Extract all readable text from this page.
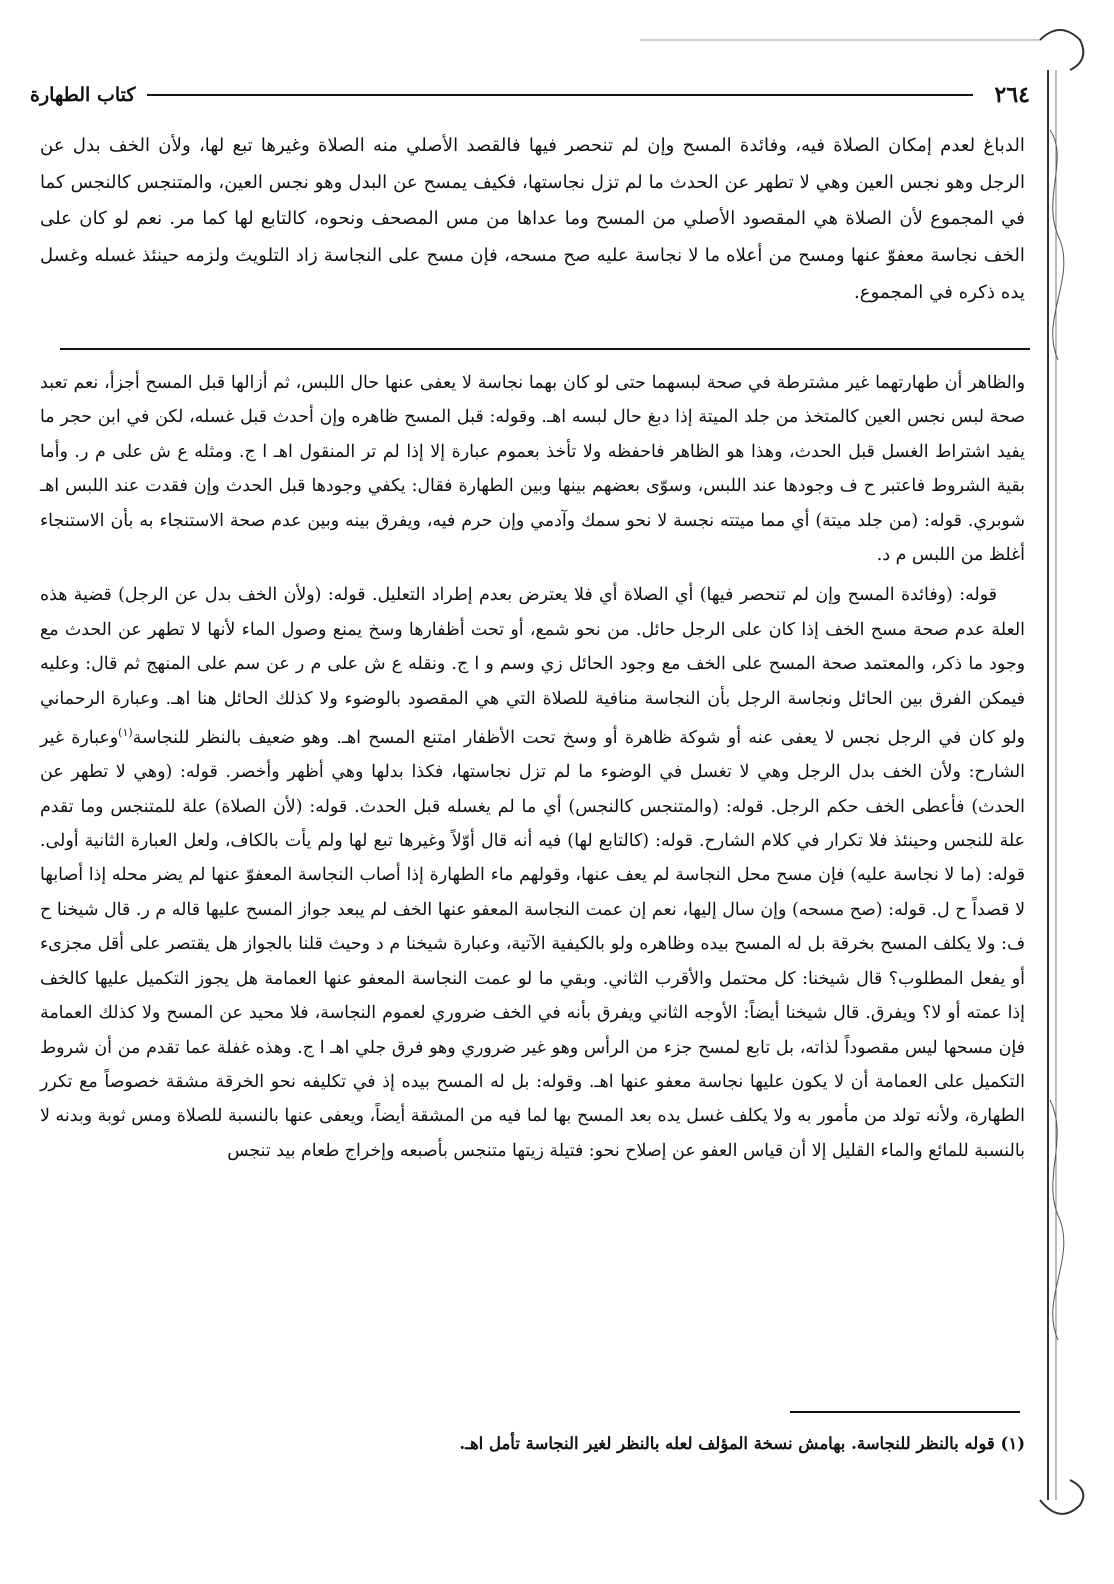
٢٦٤
كتاب الطهارة

الدباغ لعدم إمكان الصلاة فيه، وفائدة المسح وإن لم تنحصر فيها فالقصد الأصلي منه الصلاة وغيرها تبع لها، ولأن الخف بدل عن الرجل وهو نجس العين وهي لا تطهر عن الحدث ما لم تزل نجاستها، فكيف يمسح عن البدل وهو نجس العين، والمتنجس كالنجس كما في المجموع لأن الصلاة هي المقصود الأصلي من المسح وما عداها من مس المصحف ونحوه، كالتابع لها كما مر. نعم لو كان على الخف نجاسة معفوّ عنها ومسح من أعلاه ما لا نجاسة عليه صح مسحه، فإن مسح على النجاسة زاد التلويث ولزمه حينئذ غسله وغسل يده ذكره في المجموع.

والظاهر أن طهارتهما غير مشترطة في صحة لبسهما حتى لو كان بهما نجاسة لا يعفى عنها حال اللبس، ثم أزالها قبل المسح أجزأ، نعم تعبد صحة لبس نجس العين كالمتخذ من جلد الميتة إذا دبغ حال لبسه اهـ. وقوله: قبل المسح ظاهره وإن أحدث قبل غسله، لكن في ابن حجر ما يفيد اشتراط الغسل قبل الحدث، وهذا هو الظاهر فاحفظه ولا تأخذ بعموم عبارة إلا إذا لم تر المنقول اهـ ا ج. ومثله ع ش على م ر. وأما بقية الشروط فاعتبر ح ف وجودها عند اللبس، وسوّى بعضهم بينها وبين الطهارة فقال: يكفي وجودها قبل الحدث وإن فقدت عند اللبس اهـ شوبري. قوله: (من جلد ميتة) أي مما ميتته نجسة لا نحو سمك وآدمي وإن حرم فيه، ويفرق بينه وبين عدم صحة الاستنجاء به بأن الاستنجاء أغلظ من اللبس م د.

قوله: (وفائدة المسح وإن لم تنحصر فيها) أي الصلاة أي فلا يعترض بعدم إطراد التعليل. قوله: (ولأن الخف بدل عن الرجل) قضية هذه العلة عدم صحة مسح الخف إذا كان على الرجل حائل. من نحو شمع، أو تحت أظفارها وسخ يمنع وصول الماء لأنها لا تطهر عن الحدث مع وجود ما ذكر، والمعتمد صحة المسح على الخف مع وجود الحائل زي وسم و ا ج. ونقله ع ش على م ر عن سم على المنهج ثم قال: وعليه فيمكن الفرق بين الحائل ونجاسة الرجل بأن النجاسة منافية للصلاة التي هي المقصود بالوضوء ولا كذلك الحائل هنا اهـ. وعبارة الرحماني ولو كان في الرجل نجس لا يعفى عنه أو شوكة ظاهرة أو وسخ تحت الأظفار امتنع المسح اهـ. وهو ضعيف بالنظر للنجاسة$^{(١)}$وعبارة غير الشارح: ولأن الخف بدل الرجل وهي لا تغسل في الوضوء ما لم تزل نجاستها، فكذا بدلها وهي أظهر وأخصر. قوله: (وهي لا تطهر عن الحدث) فأعطى الخف حكم الرجل. قوله: (والمتنجس كالنجس) أي ما لم يغسله قبل الحدث. قوله: (لأن الصلاة) علة للمتنجس وما تقدم علة للنجس وحينئذ فلا تكرار في كلام الشارح. قوله: (كالتابع لها) فيه أنه قال أوّلاً وغيرها تبع لها ولم يأت بالكاف، ولعل العبارة الثانية أولى. قوله: (ما لا نجاسة عليه) فإن مسح محل النجاسة لم يعف عنها، وقولهم ماء الطهارة إذا أصاب النجاسة المعفوّ عنها لم يضر محله إذا أصابها لا قصداً ح ل. قوله: (صح مسحه) وإن سال إليها، نعم إن عمت النجاسة المعفو عنها الخف لم يبعد جواز المسح عليها قاله م ر. قال شيخنا ح ف: ولا يكلف المسح بخرقة بل له المسح بيده وظاهره ولو بالكيفية الآتية، وعبارة شيخنا م د وحيث قلنا بالجواز هل يقتصر على أقل مجزىء أو يفعل المطلوب؟ قال شيخنا: كل محتمل والأقرب الثاني. وبقي ما لو عمت النجاسة المعفو عنها العمامة هل يجوز التكميل عليها كالخف إذا عمته أو لا؟ ويفرق. قال شيخنا أيضاً: الأوجه الثاني ويفرق بأنه في الخف ضروري لعموم النجاسة، فلا محيد عن المسح ولا كذلك العمامة فإن مسحها ليس مقصوداً لذاته، بل تابع لمسح جزء من الرأس وهو غير ضروري وهو فرق جلي اهـ ا ج. وهذه غفلة عما تقدم من أن شروط التكميل على العمامة أن لا يكون عليها نجاسة معفو عنها اهـ. وقوله: بل له المسح بيده إذ في تكليفه نحو الخرقة مشقة خصوصاً مع تكرر الطهارة، ولأنه تولد من مأمور به ولا يكلف غسل يده بعد المسح بها لما فيه من المشقة أيضاً، ويعفى عنها بالنسبة للصلاة ومس ثوبة وبدنه لا بالنسبة للمائع والماء القليل إلا أن قياس العفو عن إصلاح نحو: فتيلة زيتها متنجس بأصبعه وإخراج طعام بيد تنجس

(١) قوله بالنظر للنجاسة. بهامش نسخة المؤلف لعله بالنظر لغير النجاسة تأمل اهـ.
